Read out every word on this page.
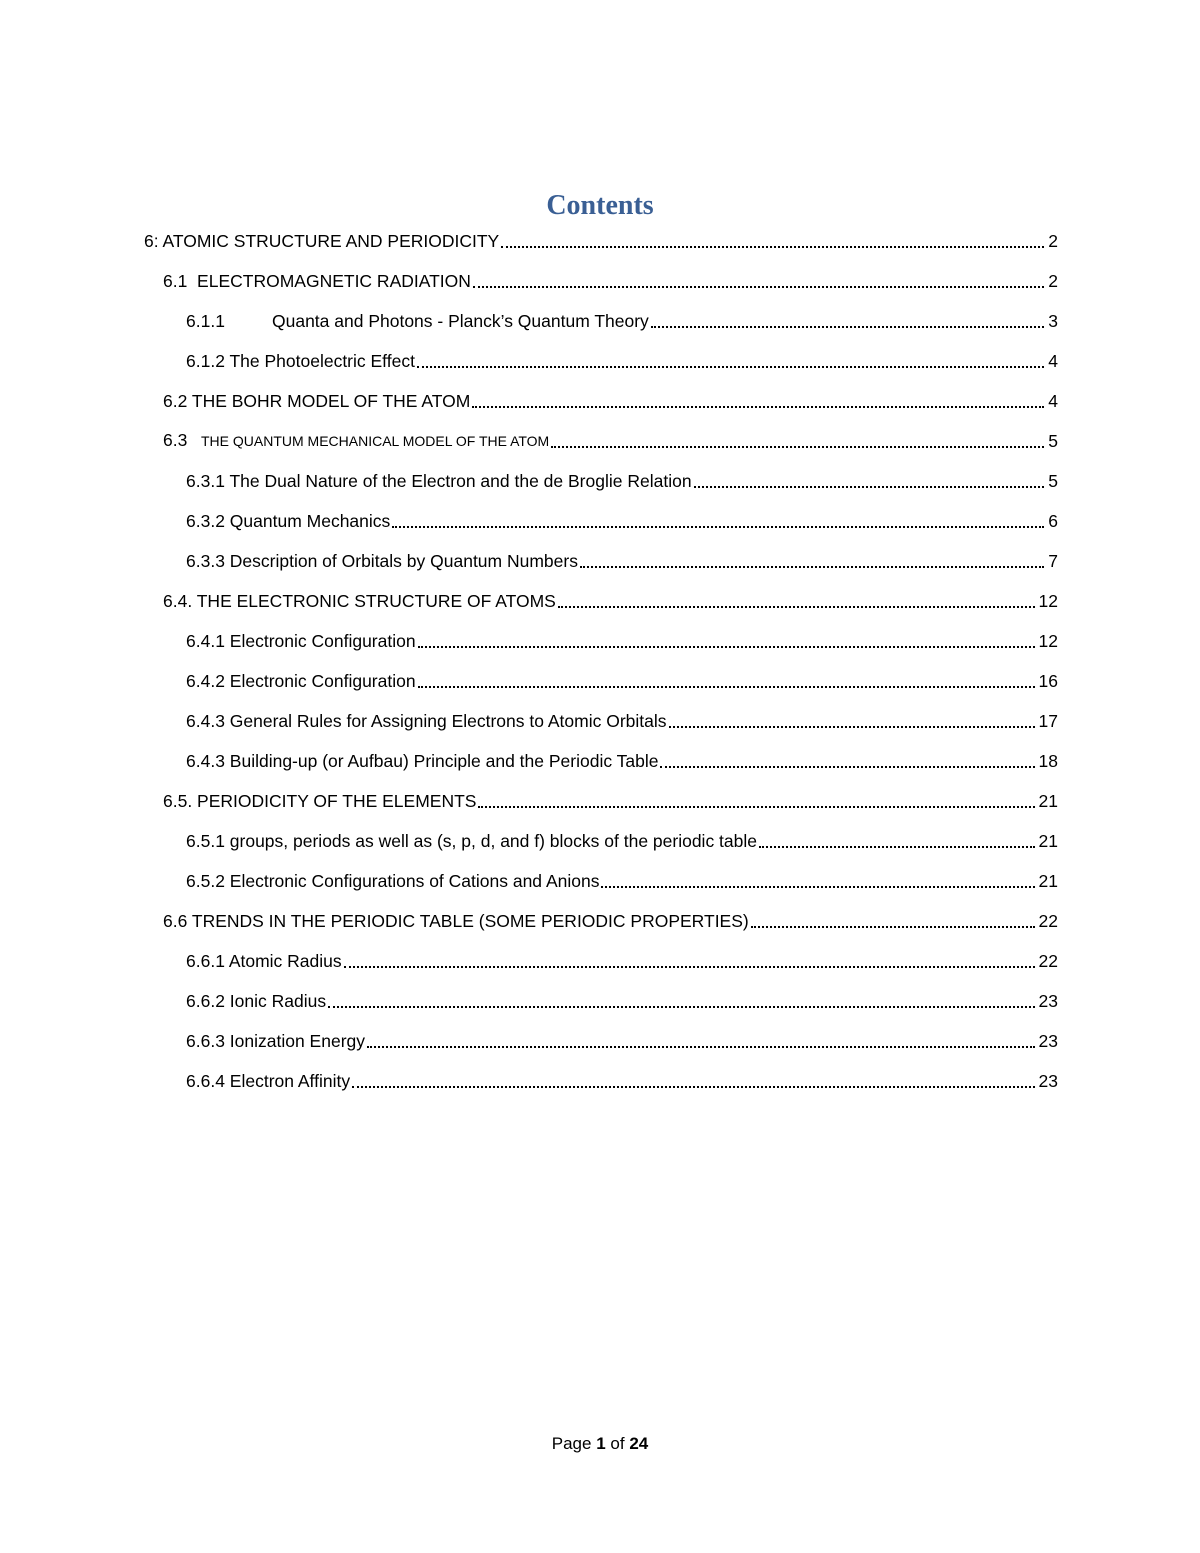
Contents
6: ATOMIC STRUCTURE AND PERIODICITY	2
6.1  ELECTROMAGNETIC RADIATION	2
6.1.1	Quanta and Photons - Planck’s Quantum Theory	3
6.1.2 The Photoelectric Effect	4
6.2 THE BOHR MODEL OF THE ATOM	4
6.3 THE QUANTUM MECHANICAL MODEL OF THE ATOM	5
6.3.1 The Dual Nature of the Electron and the de Broglie Relation	5
6.3.2 Quantum Mechanics	6
6.3.3 Description of Orbitals by Quantum Numbers	7
6.4. THE ELECTRONIC STRUCTURE OF ATOMS	12
6.4.1 Electronic Configuration	12
6.4.2 Electronic Configuration	16
6.4.3 General Rules for Assigning Electrons to Atomic Orbitals	17
6.4.3 Building-up (or Aufbau) Principle and the Periodic Table	18
6.5. PERIODICITY OF THE ELEMENTS	21
6.5.1 groups, periods as well as (s, p, d, and f) blocks of the periodic table	21
6.5.2 Electronic Configurations of Cations and Anions	21
6.6 TRENDS IN THE PERIODIC TABLE (SOME PERIODIC PROPERTIES)	22
6.6.1 Atomic Radius	22
6.6.2 Ionic Radius	23
6.6.3 Ionization Energy	23
6.6.4 Electron Affinity	23
Page 1 of 24
